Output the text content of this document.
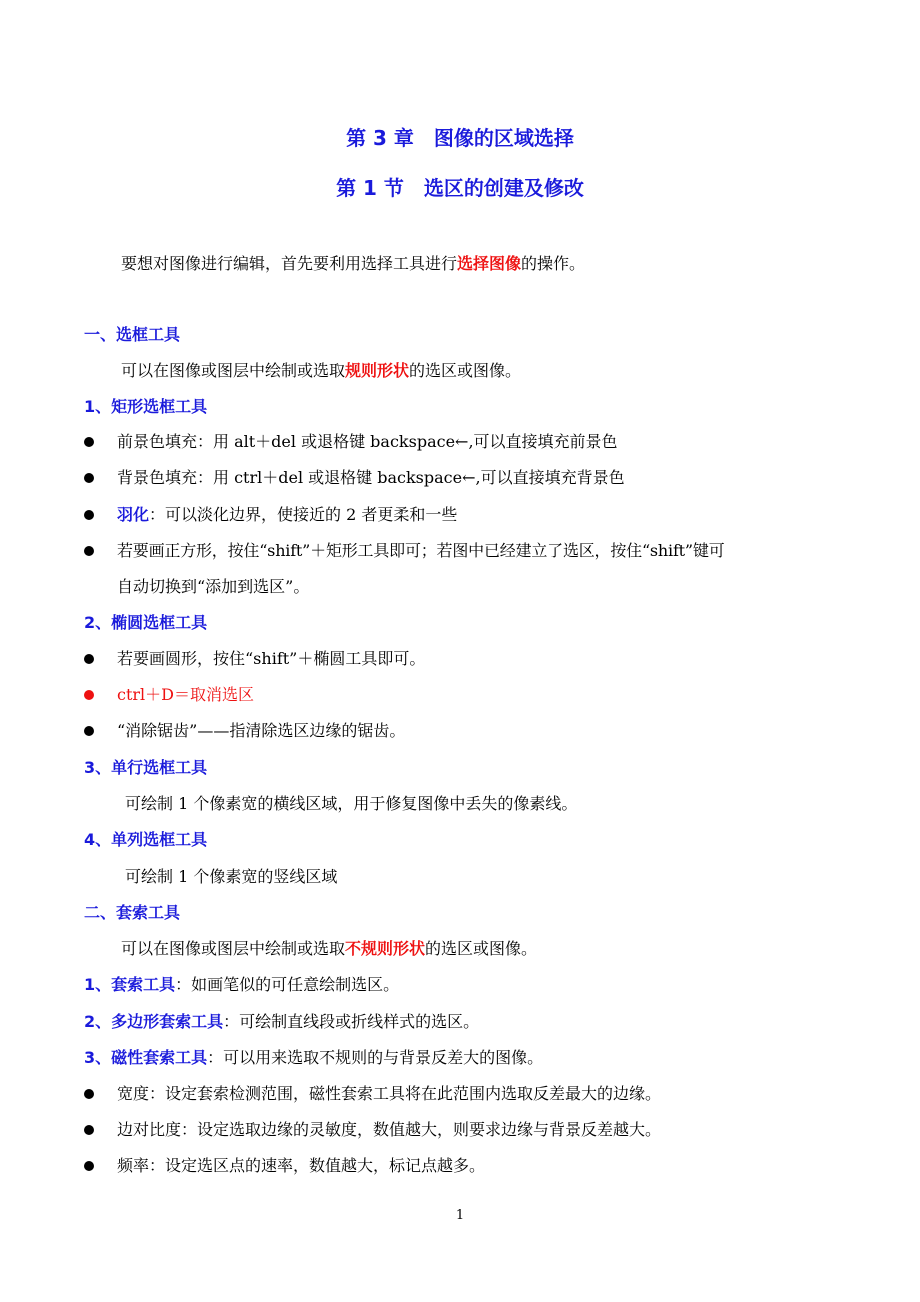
第 3 章　图像的区域选择
第 1 节　选区的创建及修改
要想对图像进行编辑，首先要利用选择工具进行选择图像的操作。
一、选框工具
可以在图像或图层中绘制或选取规则形状的选区或图像。
1、矩形选框工具
前景色填充：用 alt＋del 或退格键 backspace←,可以直接填充前景色
背景色填充：用 ctrl＋del 或退格键 backspace←,可以直接填充背景色
羽化：可以淡化边界，使接近的 2 者更柔和一些
若要画正方形，按住“shift”＋矩形工具即可；若图中已经建立了选区，按住“shift”键可
自动切换到“添加到选区”。
2、椭圆选框工具
若要画圆形，按住“shift”＋椭圆工具即可。
ctrl＋D＝取消选区
“消除锯齿”——指清除选区边缘的锯齿。
3、单行选框工具
可绘制 1 个像素宽的横线区域，用于修复图像中丢失的像素线。
4、单列选框工具
可绘制 1 个像素宽的竖线区域
二、套索工具
可以在图像或图层中绘制或选取不规则形状的选区或图像。
1、套索工具：如画笔似的可任意绘制选区。
2、多边形套索工具：可绘制直线段或折线样式的选区。
3、磁性套索工具：可以用来选取不规则的与背景反差大的图像。
宽度：设定套索检测范围，磁性套索工具将在此范围内选取反差最大的边缘。
边对比度：设定选取边缘的灵敏度，数值越大，则要求边缘与背景反差越大。
频率：设定选区点的速率，数值越大，标记点越多。
1
